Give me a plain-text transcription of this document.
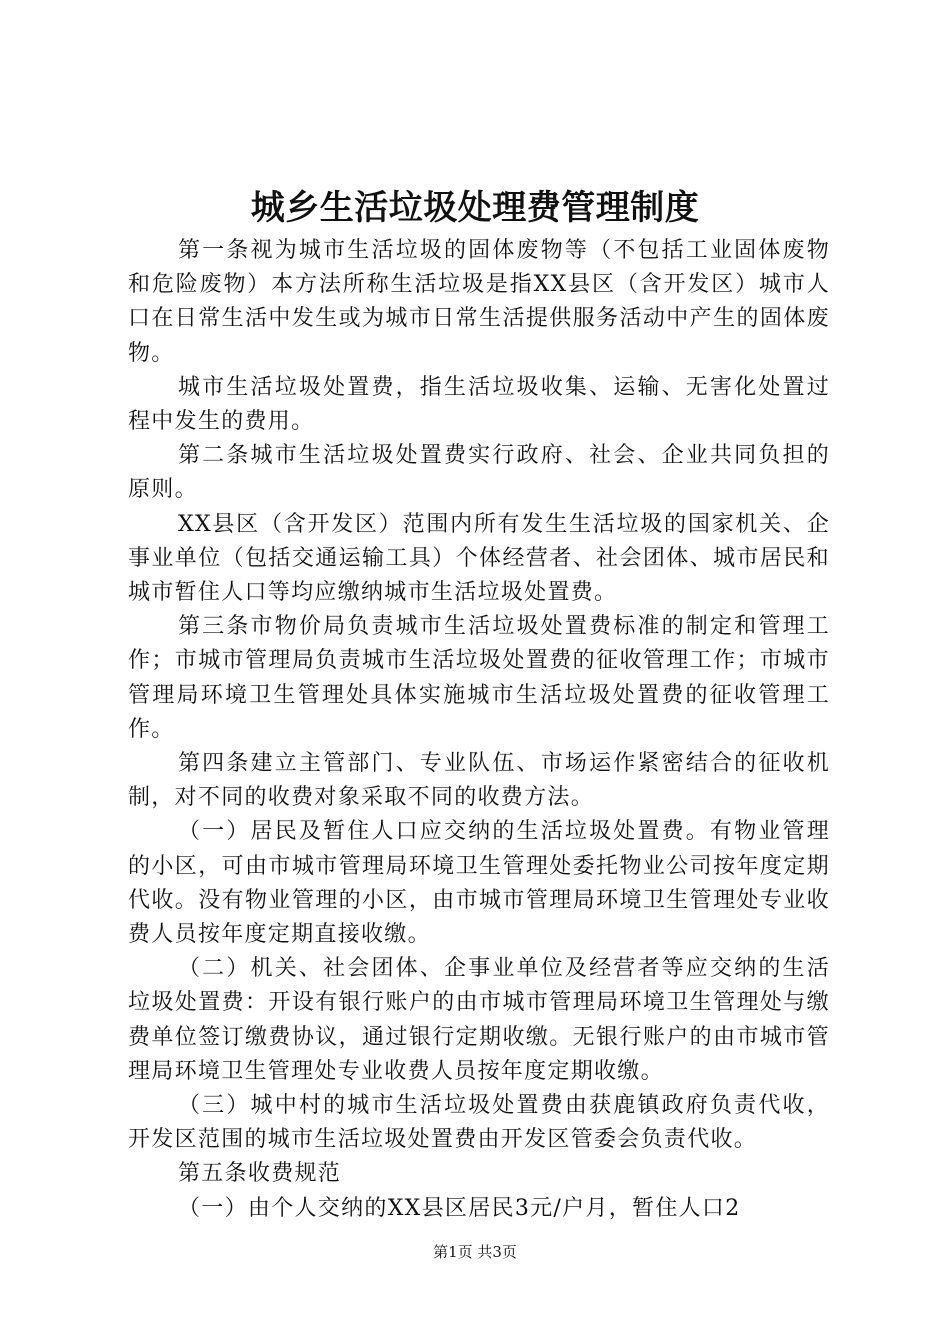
城乡生活垃圾处理费管理制度

第一条视为城市生活垃圾的固体废物等（不包括工业固体废物和危险废物）本方法所称生活垃圾是指XX县区（含开发区）城市人口在日常生活中发生或为城市日常生活提供服务活动中产生的固体废物。

城市生活垃圾处置费，指生活垃圾收集、运输、无害化处置过程中发生的费用。

第二条城市生活垃圾处置费实行政府、社会、企业共同负担的原则。

XX县区（含开发区）范围内所有发生生活垃圾的国家机关、企事业单位（包括交通运输工具）个体经营者、社会团体、城市居民和城市暂住人口等均应缴纳城市生活垃圾处置费。

第三条市物价局负责城市生活垃圾处置费标准的制定和管理工作；市城市管理局负责城市生活垃圾处置费的征收管理工作；市城市管理局环境卫生管理处具体实施城市生活垃圾处置费的征收管理工作。

第四条建立主管部门、专业队伍、市场运作紧密结合的征收机制，对不同的收费对象采取不同的收费方法。

（一）居民及暂住人口应交纳的生活垃圾处置费。有物业管理的小区，可由市城市管理局环境卫生管理处委托物业公司按年度定期代收。没有物业管理的小区，由市城市管理局环境卫生管理处专业收费人员按年度定期直接收缴。

（二）机关、社会团体、企事业单位及经营者等应交纳的生活垃圾处置费：开设有银行账户的由市城市管理局环境卫生管理处与缴费单位签订缴费协议，通过银行定期收缴。无银行账户的由市城市管理局环境卫生管理处专业收费人员按年度定期收缴。

（三）城中村的城市生活垃圾处置费由获鹿镇政府负责代收，开发区范围的城市生活垃圾处置费由开发区管委会负责代收。

第五条收费规范

（一）由个人交纳的XX县区居民3元/户月，暂住人口2

第1页 共3页
